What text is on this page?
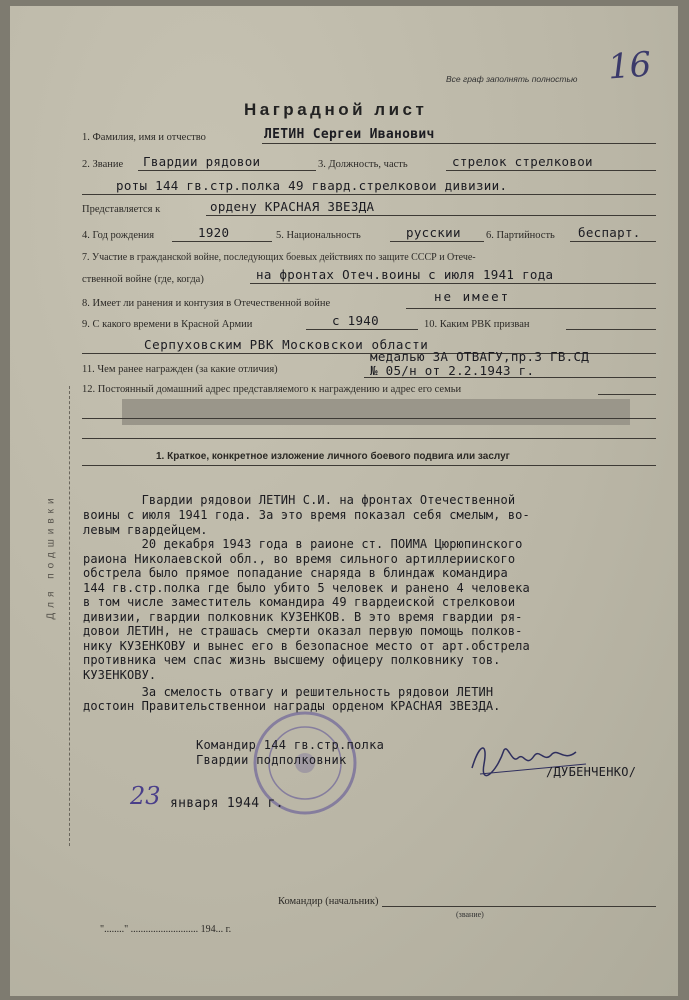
16
Все граф заполнять полностью
Наградной лист
Для подшивки
1. Фамилия, имя и отчество	ЛЕТИН Сергеи Иванович
2. Звание Гвардии рядовои	3. Должность, часть	стрелок стрелковои
роты 144 гв.стр.полка 49 гвард.стрелковои дивизии.
Представляется к	ордену КРАСНАЯ ЗВЕЗДА
4. Год рождения	1920	5. Национальность	русскии 6. Партийность беспарт.
7. Участие в гражданской войне, последующих боевых действиях по защите СССР и Отече-
ственной войне (где, когда)	на фронтах Отеч.воины с июля 1941 года
8. Имеет ли ранения и контузия в Отечественной войне	не имеет
9. С какого времени в Красной Армии	с 1940	10. Каким РВК призван
Серпуховским РВК Московскои области
медалью ЗА ОТВАГУ,пр.3 ГВ.СД
11. Чем ранее награжден (за какие отличия)	№ 05/н от 2.2.1943 г.
12. Постоянный домашний адрес представляемого к награждению и адрес его семьи
1. Краткое, конкретное изложение личного боевого подвига или заслуг
Гвардии рядовои ЛЕТИН С.И. на фронтах Отечественной
воины с июля 1941 года. За это время показал себя смелым, во-
левым гвардейцем.
20 декабря 1943 года в раионе ст. ПОИМА Цюрюпинского
раиона Николаевской обл., во время сильного артиллерииского
обстрела было прямое попадание снаряда в блиндаж командира
144 гв.стр.полка где было убито 5 человек и ранено 4 человека
в том числе заместитель командира 49 гвардеиской стрелковои
дивизии, гвардии полковник КУЗЕНКОВ. В это время гвардии ря-
довои ЛЕТИН, не страшась смерти оказал первую помощь полков-
нику КУЗЕНКОВУ и вынес его в безопасное место от арт.обстрела
противника чем спас жизнь высшему офицеру полковнику тов.
КУЗЕНКОВУ.
За смелость отвагу и решительность рядовои ЛЕТИН
достоин Правительственнои награды орденом КРАСНАЯ ЗВЕЗДА.
Командир 144 гв.стр.полка
Гвардии подполковник
/ДУБЕНЧЕНКО/
23 января 1944 г.
Командир (начальник)
(звание)
"........" ........................... 194... г.
